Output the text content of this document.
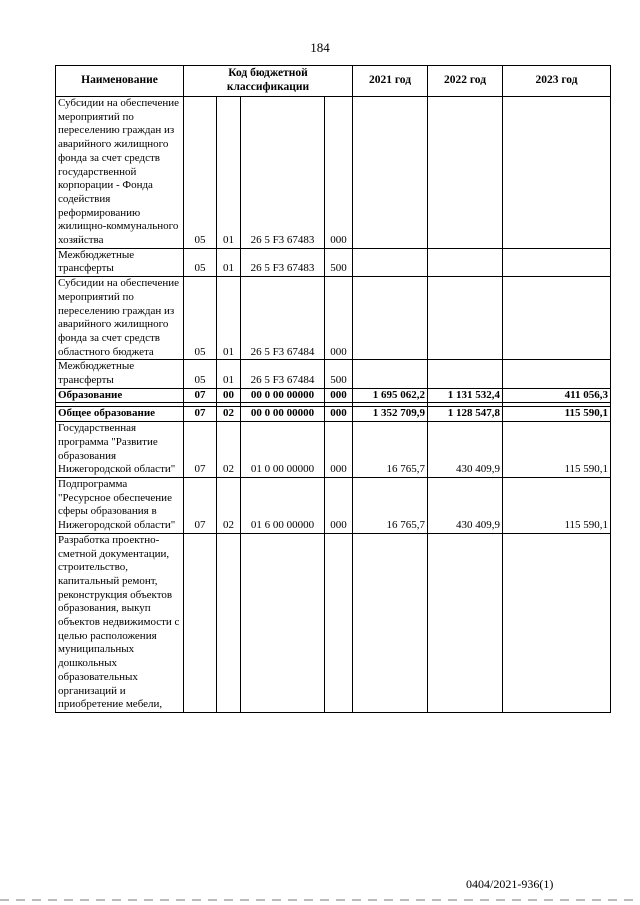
184
Наименование	Код бюджетной классификации				2021 год	2022 год	2023 год
Субсидии на обеспечение мероприятий по переселению граждан из аварийного жилищного фонда за счет средств государственной корпорации - Фонда содействия реформированию жилищно-коммунального хозяйства	05	01	26 5 F3 67483	000			
Межбюджетные трансферты	05	01	26 5 F3 67483	500			
Субсидии на обеспечение мероприятий по переселению граждан из аварийного жилищного фонда за счет средств областного бюджета	05	01	26 5 F3 67484	000			
Межбюджетные трансферты	05	01	26 5 F3 67484	500			
Образование	07	00	00 0 00 00000	000	1 695 062,2	1 131 532,4	411 056,3

Общее образование	07	02	00 0 00 00000	000	1 352 709,9	1 128 547,8	115 590,1
Государственная программа "Развитие образования Нижегородской области"	07	02	01 0 00 00000	000	16 765,7	430 409,9	115 590,1
Подпрограмма "Ресурсное обеспечение сферы образования в Нижегородской области"	07	02	01 6 00 00000	000	16 765,7	430 409,9	115 590,1
Разработка проектно-сметной документации, строительство, капитальный ремонт, реконструкция объектов образования, выкуп объектов недвижимости с целью расположения муниципальных дошкольных образовательных организаций и приобретение мебели,							
0404/2021-936(1)
